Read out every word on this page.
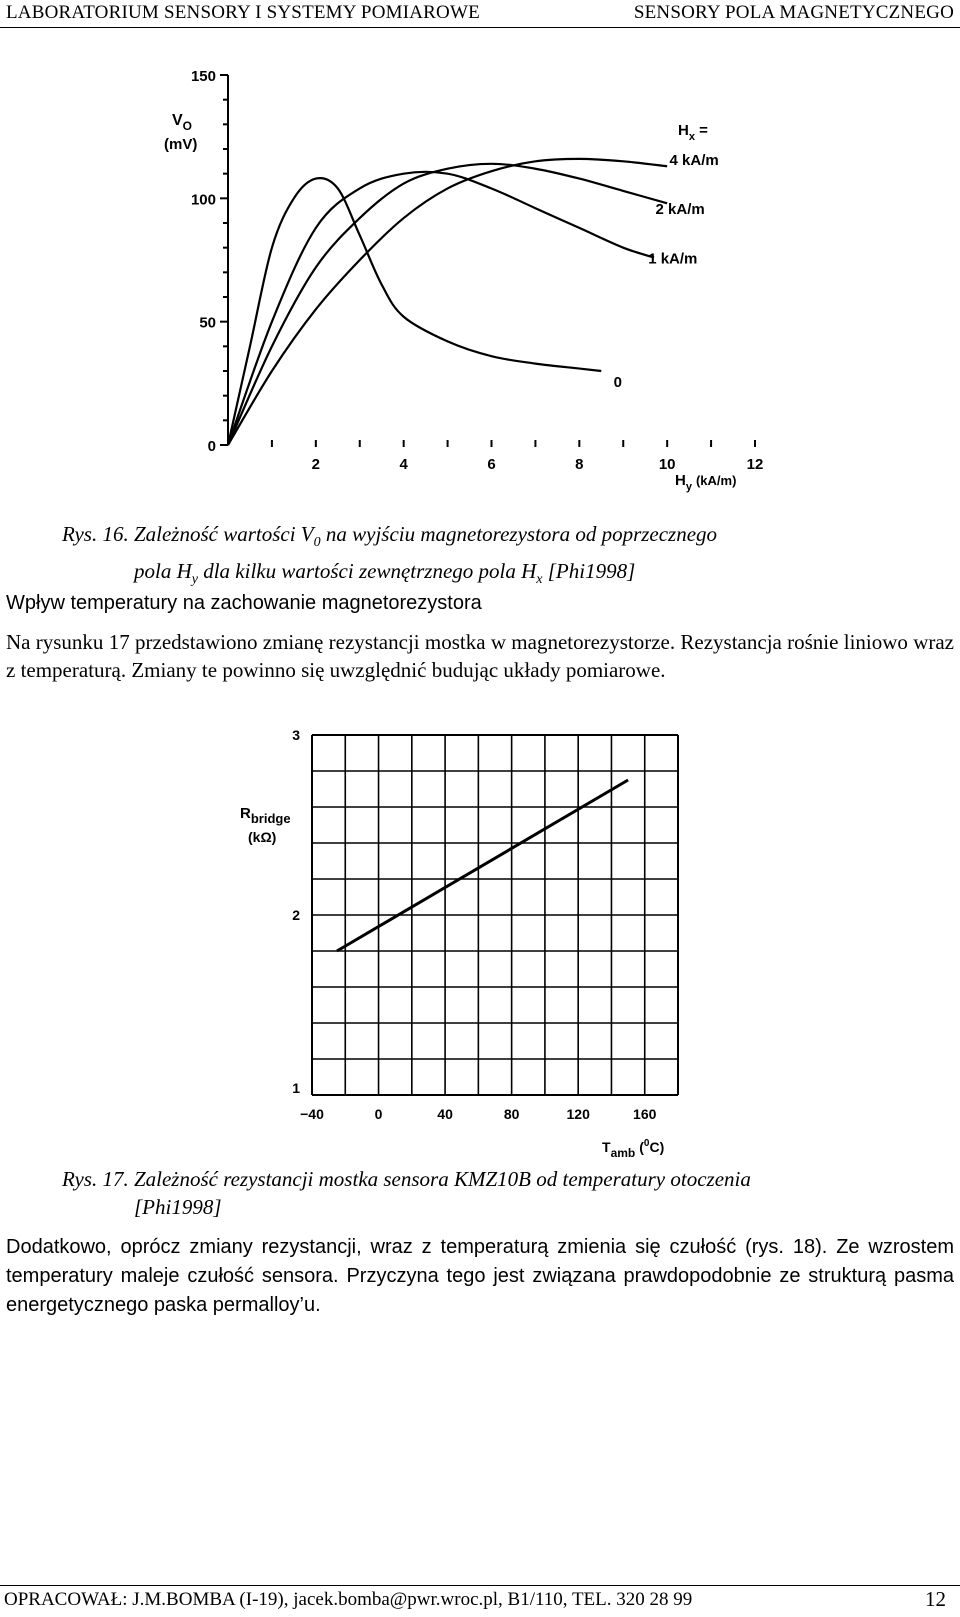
LABORATORIUM SENSORY I SYSTEMY POMIAROWE	SENSORY POLA MAGNETYCZNEGO
2	4	6	8	10	12
0
50
100
150
0
1 kA/m
2 kA/m
4 kA/m
$V_O$
(mV)
$H_y$ (kA/m)
$H_x$ =
Rys. 16. Zależność wartości $V_0$ na wyjściu magnetorezystora od poprzecznego
pola $H_y$ dla kilku wartości zewnętrznego pola $H_x$ [Phi1998]
Wpływ temperatury na zachowanie magnetorezystora
Na rysunku 17 przedstawiono zmianę rezystancji mostka w magnetorezystorze. Rezystancja rośnie liniowo wraz z temperaturą. Zmiany te powinno się uwzględnić budując układy pomiarowe.
−40	0	40	80	120	160
1
2
3
Rbridge
(kΩ)
Tamb ($^0$C)
Rys. 17. Zależność rezystancji mostka sensora KMZ10B od temperatury otoczenia
[Phi1998]
Dodatkowo, oprócz zmiany rezystancji, wraz z temperaturą zmienia się czułość (rys. 18). Ze wzrostem temperatury maleje czułość sensora. Przyczyna tego jest związana prawdopodobnie ze strukturą pasma energetycznego paska permalloy’u.
OPRACOWAŁ: J.M.BOMBA (I-19), jacek.bomba@pwr.wroc.pl, B1/110, TEL. 320 28 99	12
